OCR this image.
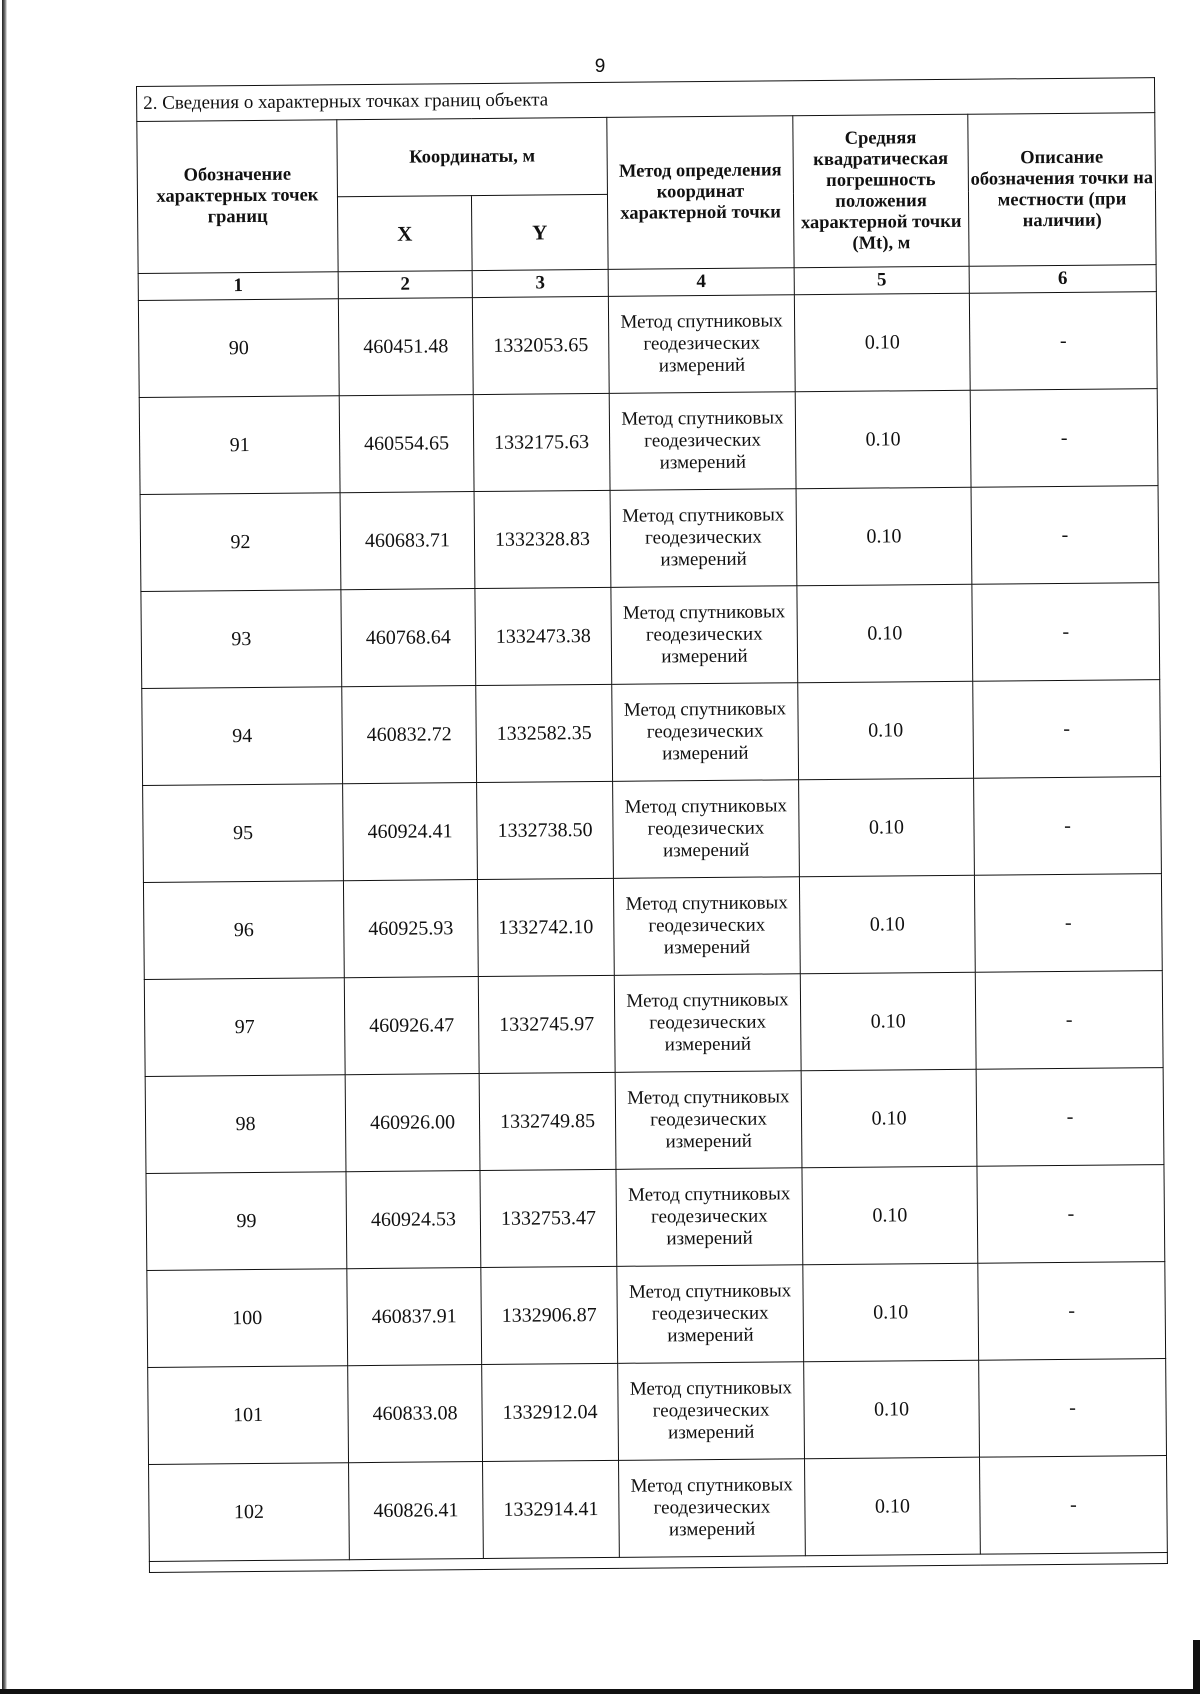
9
2. Сведения о характерных точках границ объекта					
Обозначение характерных точек границ	Координаты, м		Метод определения координат характерной точки	Средняя квадратическая погрешность положения характерной точки (Mt), м	Описание обозначения точки на местности (при наличии)
	X	Y			
1	2	3	4	5	6
90	460451.48	1332053.65	Метод спутниковых геодезических измерений	0.10	-
91	460554.65	1332175.63	Метод спутниковых геодезических измерений	0.10	-
92	460683.71	1332328.83	Метод спутниковых геодезических измерений	0.10	-
93	460768.64	1332473.38	Метод спутниковых геодезических измерений	0.10	-
94	460832.72	1332582.35	Метод спутниковых геодезических измерений	0.10	-
95	460924.41	1332738.50	Метод спутниковых геодезических измерений	0.10	-
96	460925.93	1332742.10	Метод спутниковых геодезических измерений	0.10	-
97	460926.47	1332745.97	Метод спутниковых геодезических измерений	0.10	-
98	460926.00	1332749.85	Метод спутниковых геодезических измерений	0.10	-
99	460924.53	1332753.47	Метод спутниковых геодезических измерений	0.10	-
100	460837.91	1332906.87	Метод спутниковых геодезических измерений	0.10	-
101	460833.08	1332912.04	Метод спутниковых геодезических измерений	0.10	-
102	460826.41	1332914.41	Метод спутниковых геодезических измерений	0.10	-
